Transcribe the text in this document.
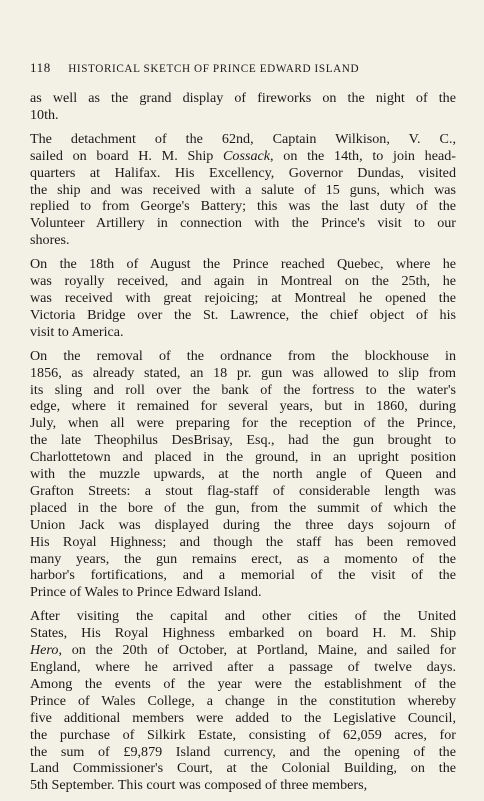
118 HISTORICAL SKETCH OF PRINCE EDWARD ISLAND

as well as the grand display of fireworks on the night of the
10th.

The detachment of the 62nd, Captain Wilkison, V. C.,
sailed on board H. M. Ship Cossack, on the 14th, to join head-
quarters at Halifax. His Excellency, Governor Dundas, visited
the ship and was received with a salute of 15 guns, which was
replied to from George's Battery; this was the last duty of the
Volunteer Artillery in connection with the Prince's visit to our
shores.

On the 18th of August the Prince reached Quebec, where he
was royally received, and again in Montreal on the 25th, he
was received with great rejoicing; at Montreal he opened the
Victoria Bridge over the St. Lawrence, the chief object of his
visit to America.

On the removal of the ordnance from the blockhouse in
1856, as already stated, an 18 pr. gun was allowed to slip from
its sling and roll over the bank of the fortress to the water's
edge, where it remained for several years, but in 1860, during
July, when all were preparing for the reception of the Prince,
the late Theophilus DesBrisay, Esq., had the gun brought to
Charlottetown and placed in the ground, in an upright position
with the muzzle upwards, at the north angle of Queen and
Grafton Streets: a stout flag-staff of considerable length was
placed in the bore of the gun, from the summit of which the
Union Jack was displayed during the three days sojourn of
His Royal Highness; and though the staff has been removed
many years, the gun remains erect, as a momento of the
harbor's fortifications, and a memorial of the visit of the
Prince of Wales to Prince Edward Island.

After visiting the capital and other cities of the United
States, His Royal Highness embarked on board H. M. Ship
Hero, on the 20th of October, at Portland, Maine, and sailed for
England, where he arrived after a passage of twelve days.
Among the events of the year were the establishment of the
Prince of Wales College, a change in the constitution whereby
five additional members were added to the Legislative Council,
the purchase of Silkirk Estate, consisting of 62,059 acres, for
the sum of £9,879 Island currency, and the opening of the
Land Commissioner's Court, at the Colonial Building, on the
5th September. This court was composed of three members,
